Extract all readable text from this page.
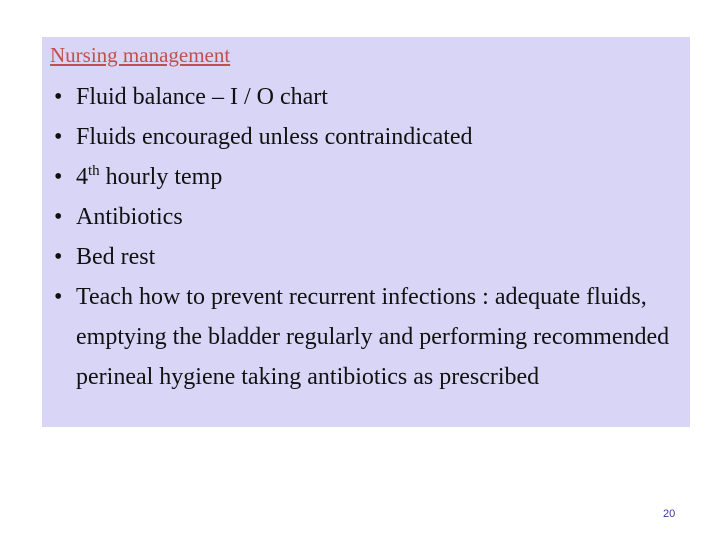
Nursing management
• Fluid balance – I / O chart
• Fluids encouraged unless contraindicated
• 4th hourly temp
• Antibiotics
• Bed rest
• Teach how to prevent recurrent infections : adequate fluids, emptying the bladder regularly and performing recommended perineal hygiene taking antibiotics as prescribed
20
